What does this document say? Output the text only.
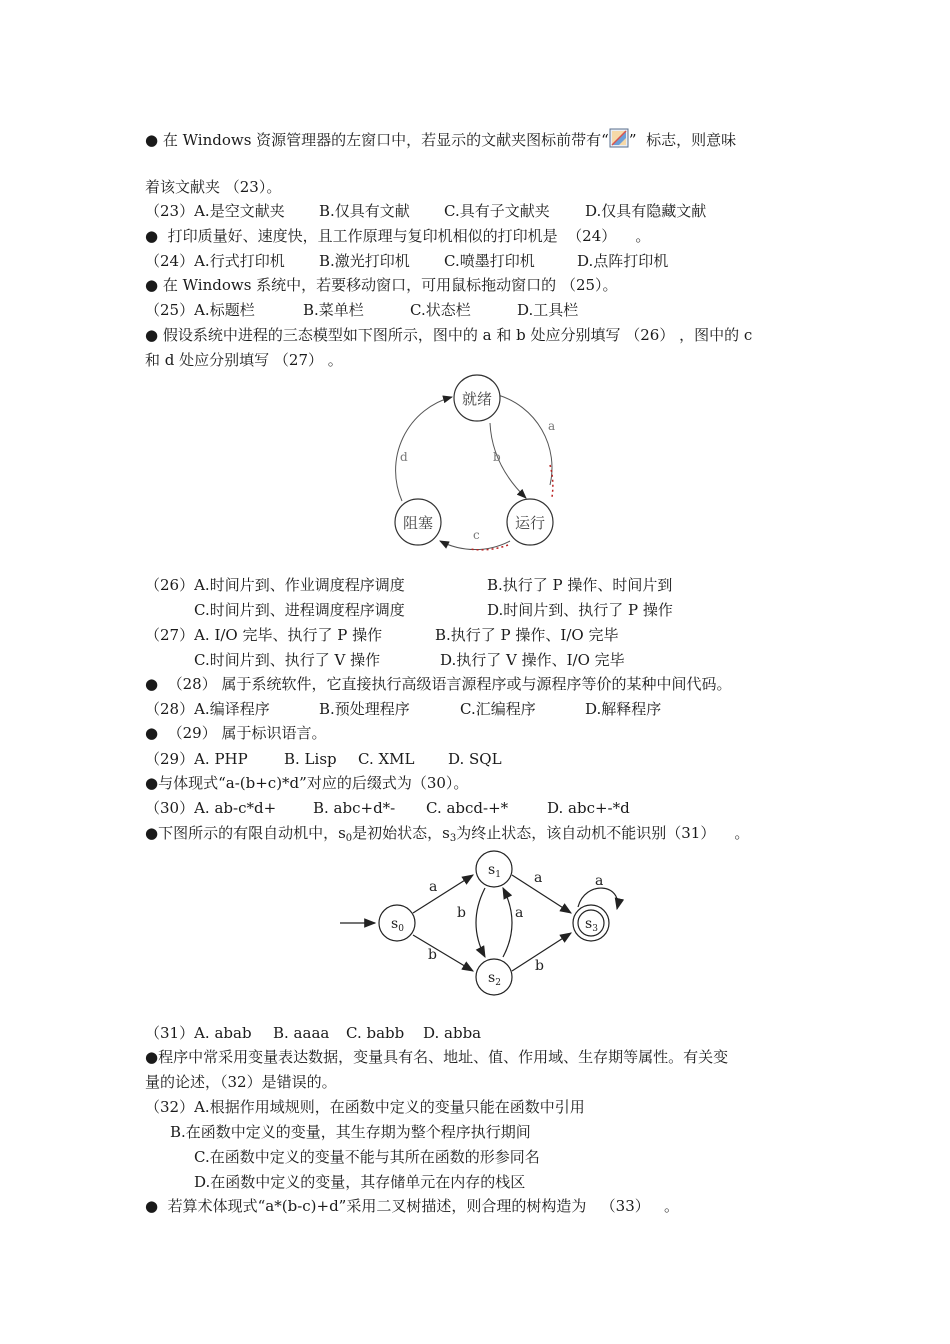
● 在 Windows 资源管理器的左窗口中，若显示的文献夹图标前带有“ ”  标志，则意味
着该文献夹 （23）。
（23）A.是空文献夹 B.仅具有文献 C.具有子文献夹 D.仅具有隐藏文献
●  打印质量好、速度快，且工作原理与复印机相似的打印机是  （24）    。
（24）A.行式打印机 B.激光打印机 C.喷墨打印机	D.点阵打印机
● 在 Windows 系统中，若要移动窗口，可用鼠标拖动窗口的 （25）。
（25）A.标题栏	B.菜单栏	C.状态栏	D.工具栏
● 假设系统中进程的三态模型如下图所示，图中的 a 和 b 处应分别填写 （26） ，图中的 c
和 d 处应分别填写 （27） 。
就绪
阻塞	运行
a
b
c
d
（26）A.时间片到、作业调度程序调度	B.执行了 P 操作、时间片到
C.时间片到、进程调度程序调度	D.时间片到、执行了 P 操作
（27）A. I/O 完毕、执行了 P 操作	B.执行了 P 操作、I/O 完毕
C.时间片到、执行了 V 操作	D.执行了 V 操作、I/O 完毕
●  （28） 属于系统软件，它直接执行高级语言源程序或与源程序等价的某种中间代码。
（28）A.编译程序	B.预处理程序	C.汇编程序	D.解释程序
●  （29） 属于标识语言。
（29）A. PHP B. Lisp C. XML D. SQL
●与体现式“a-(b+c)*d”对应的后缀式为（30）。
（30）A. ab-c*d+ B. abc+d*- C. abcd-+*	D. abc+-*d
●下图所示的有限自动机中，$s_0$是初始状态，$s_3$为终止状态，该自动机不能识别（31）    。
$s_0$
$s_1$
$s_2$
$s_3$
a
b
b	a
a
b
a
（31）A. abab B. aaaa C. babb D. abba
●程序中常采用变量表达数据，变量具有名、地址、值、作用域、生存期等属性。有关变
量的论述，（32）是错误的。
（32）A.根据作用域规则，在函数中定义的变量只能在函数中引用
B.在函数中定义的变量，其生存期为整个程序执行期间
C.在函数中定义的变量不能与其所在函数的形参同名
D.在函数中定义的变量，其存储单元在内存的栈区
●  若算术体现式“a*(b-c)+d”采用二叉树描述，则合理的树构造为   （33）   。
